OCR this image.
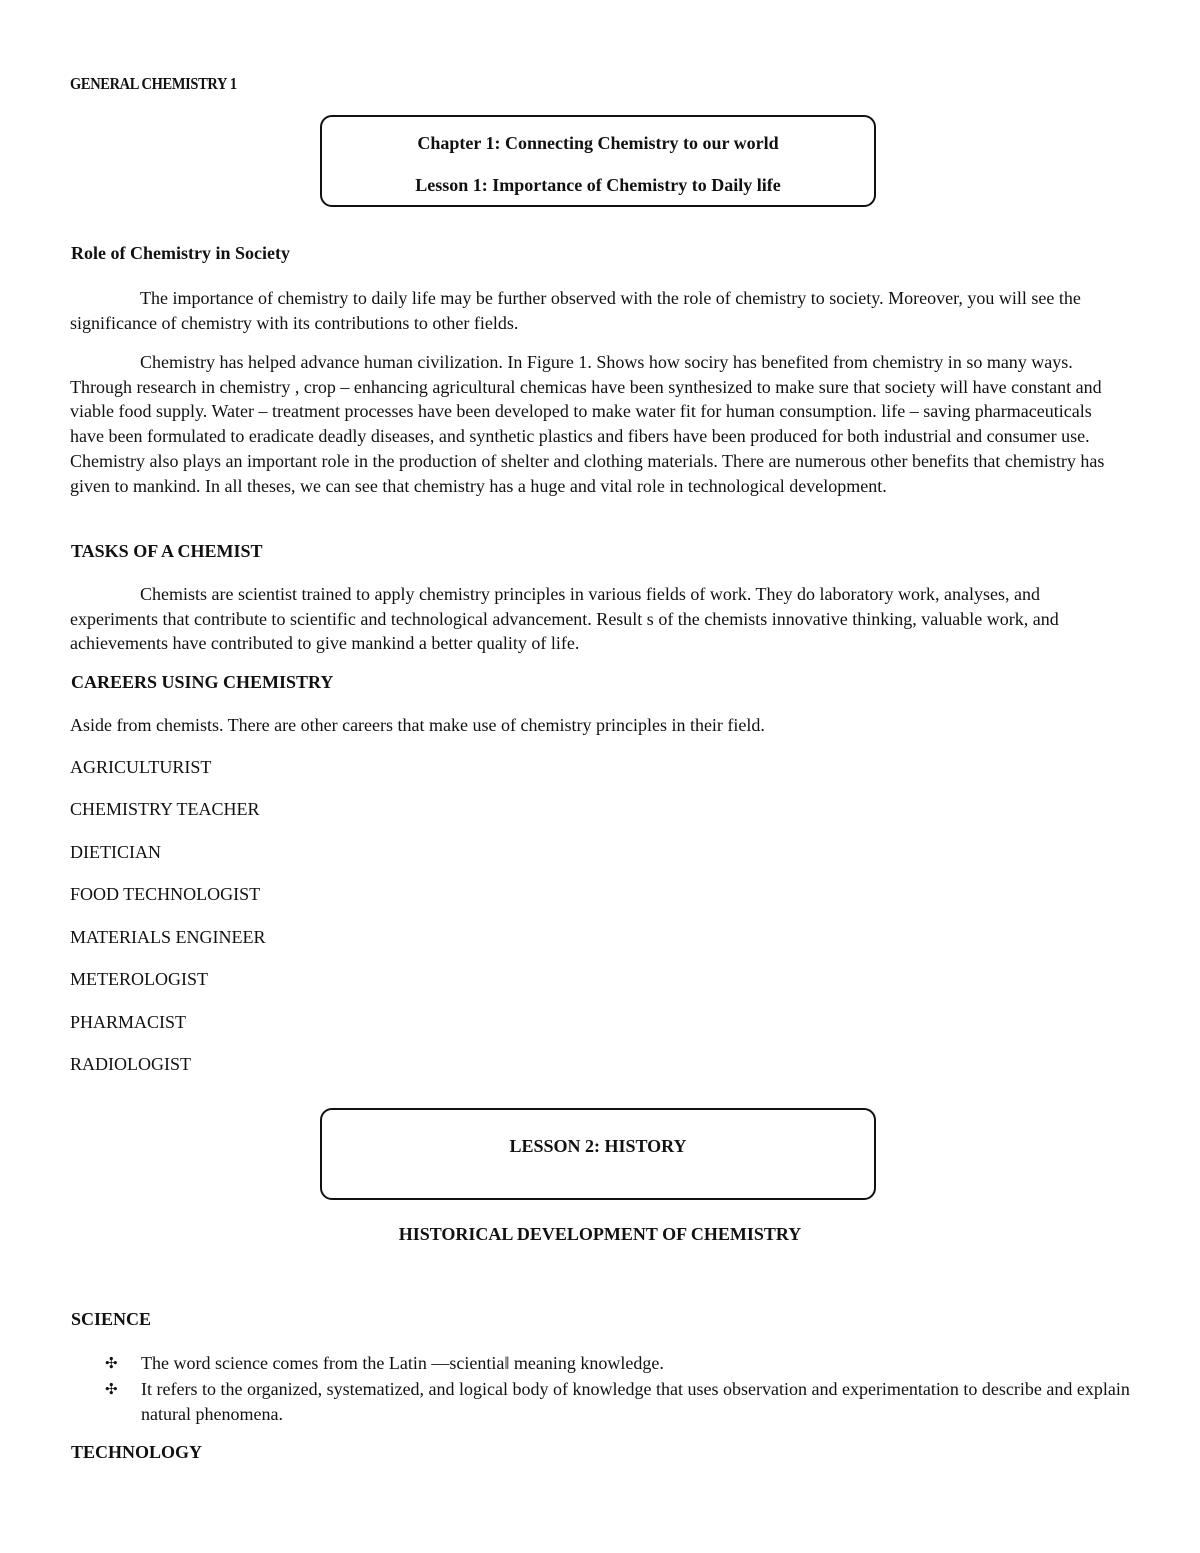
GENERAL CHEMISTRY 1
Chapter 1: Connecting Chemistry to our world
Lesson 1: Importance of Chemistry to Daily life
Role of Chemistry in Society
The importance of chemistry to daily life may be further observed with the role of chemistry to society. Moreover, you will see the significance of chemistry with its contributions to other fields.
Chemistry has helped advance human civilization. In Figure 1. Shows how sociry has benefited from chemistry in so many ways. Through research in chemistry , crop – enhancing agricultural chemicas have been synthesized to make sure that society will have constant and viable food supply. Water – treatment processes have been developed to make water fit for human consumption. life – saving pharmaceuticals have been formulated to eradicate deadly diseases, and synthetic plastics and fibers have been produced for both industrial and consumer use. Chemistry also plays an important role in the production of shelter and clothing materials. There are numerous other benefits that chemistry has given to mankind. In all theses, we can see that chemistry has a huge and vital role in technological development.
TASKS OF A CHEMIST
Chemists are scientist trained to apply chemistry principles in various fields of work. They do laboratory work, analyses, and experiments that contribute to scientific and technological advancement. Result s of the chemists innovative thinking, valuable work, and achievements have contributed to give mankind a better quality of life.
CAREERS USING CHEMISTRY
Aside from chemists. There are other careers that make use of chemistry principles in their field.
AGRICULTURIST
CHEMISTRY TEACHER
DIETICIAN
FOOD TECHNOLOGIST
MATERIALS ENGINEER
METEROLOGIST
PHARMACIST
RADIOLOGIST
LESSON 2: HISTORY
HISTORICAL DEVELOPMENT OF CHEMISTRY
SCIENCE
✣	The word science comes from the Latin ―scientiaǁ meaning knowledge.
✣	It refers to the organized, systematized, and logical body of knowledge that uses observation and experimentation to describe and explain natural phenomena.
TECHNOLOGY
